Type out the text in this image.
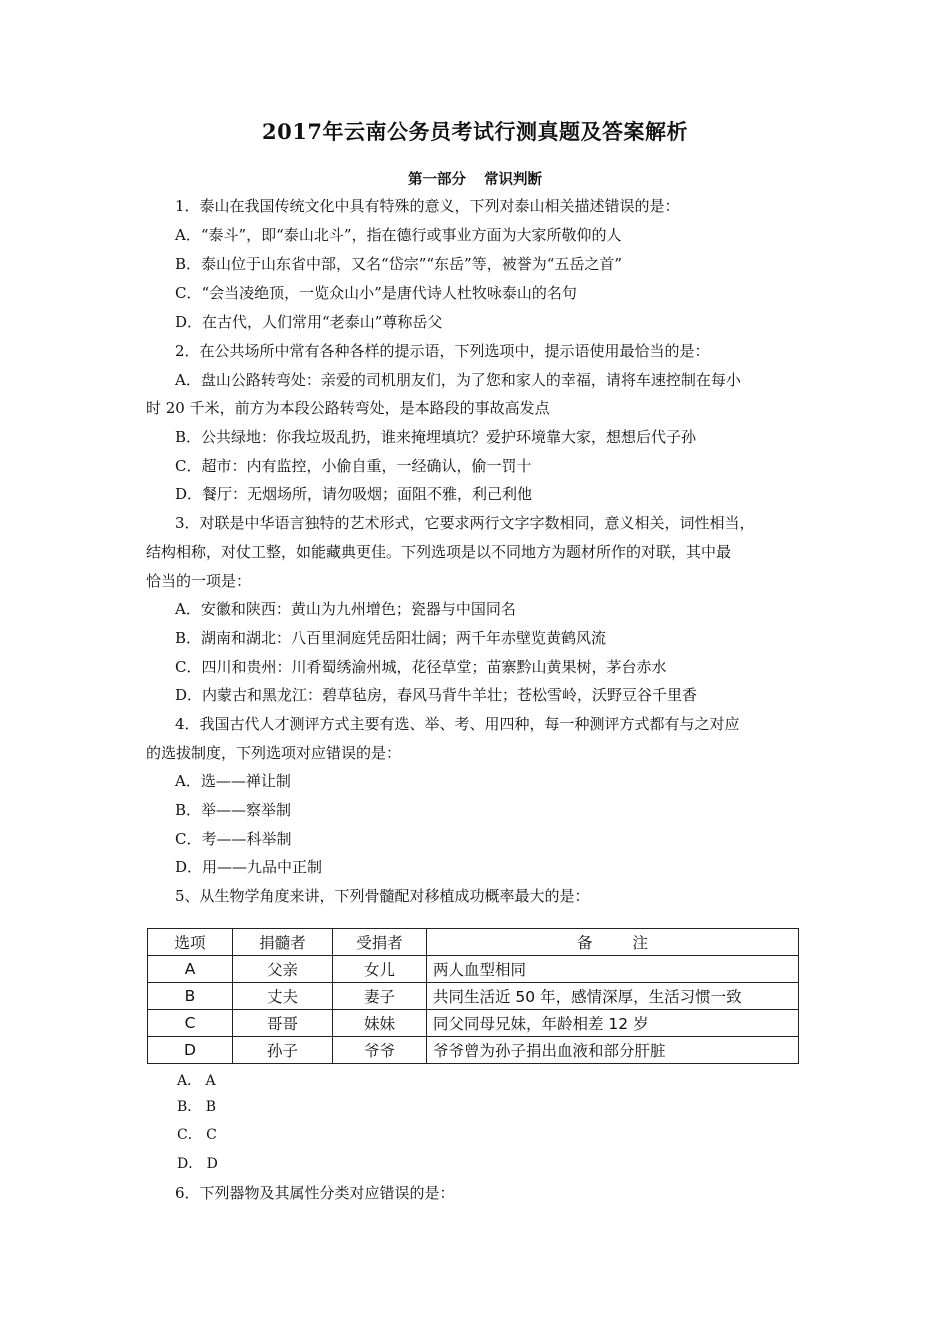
2017年云南公务员考试行测真题及答案解析
第一部分 常识判断
1．泰山在我国传统文化中具有特殊的意义，下列对泰山相关描述错误的是：
A．“泰斗”，即“泰山北斗”，指在德行或事业方面为大家所敬仰的人
B．泰山位于山东省中部，又名“岱宗”“东岳”等，被誉为“五岳之首”
C．“会当凌绝顶，一览众山小”是唐代诗人杜牧咏泰山的名句
D．在古代，人们常用“老泰山”尊称岳父
2．在公共场所中常有各种各样的提示语，下列选项中，提示语使用最恰当的是：
A．盘山公路转弯处：亲爱的司机朋友们，为了您和家人的幸福，请将车速控制在每小
时 20 千米，前方为本段公路转弯处，是本路段的事故高发点
B．公共绿地：你我垃圾乱扔，谁来掩埋填坑？爱护环境靠大家，想想后代子孙
C．超市：内有监控，小偷自重，一经确认，偷一罚十
D．餐厅：无烟场所，请勿吸烟；面阻不雅，利己利他
3．对联是中华语言独特的艺术形式，它要求两行文字字数相同，意义相关，词性相当，
结构相称，对仗工整，如能藏典更佳。下列选项是以不同地方为题材所作的对联，其中最
恰当的一项是：
A．安徽和陕西：黄山为九州增色；瓷器与中国同名
B．湖南和湖北：八百里洞庭凭岳阳壮阔；两千年赤壁览黄鹤风流
C．四川和贵州：川肴蜀绣渝州城，花径草堂；苗寨黔山黄果树，茅台赤水
D．内蒙古和黑龙江：碧草毡房，春风马背牛羊壮；苍松雪岭，沃野豆谷千里香
4．我国古代人才测评方式主要有选、举、考、用四种，每一种测评方式都有与之对应
的选拔制度，下列选项对应错误的是：
A．选——禅让制
B．举——察举制
C．考——科举制
D．用——九品中正制
5、从生物学角度来讲，下列骨髓配对移植成功概率最大的是：
选项	捐髓者	受捐者	备 注
A	父亲	女儿	两人血型相同
B	丈夫	妻子	共同生活近 50 年，感情深厚，生活习惯一致
C	哥哥	妹妹	同父同母兄妹，年龄相差 12 岁
D	孙子	爷爷	爷爷曾为孙子捐出血液和部分肝脏
A． A
B． B
C． C
D． D
6．下列器物及其属性分类对应错误的是：
